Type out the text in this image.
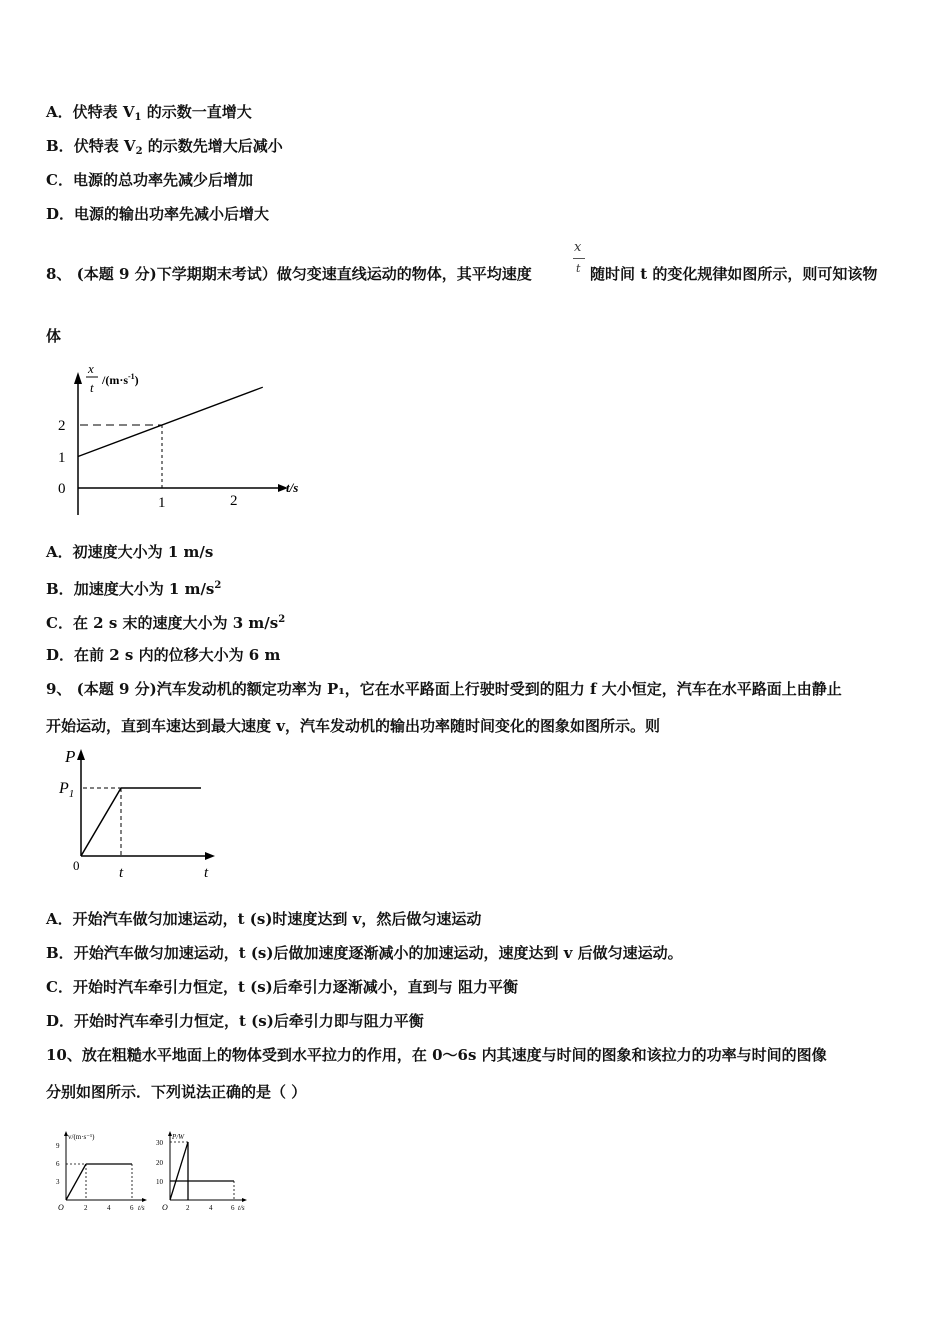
A．伏特表 $V_1$ 的示数一直增大
B．伏特表 $V_2$ 的示数先增大后减小
C．电源的总功率先减少后增加
D．电源的输出功率先减小后增大
8、 (本题 9 分)下学期期末考试）做匀变速直线运动的物体，其平均速度
x
t 随时间 t 的变化规律如图所示，则可知该物
体
x
t $/(m\cdot s^{-1})$
2
1
0
1	2
t/s
A．初速度大小为 1 m/s
B．加速度大小为 1 $m/s^2$
C．在 2 s 末的速度大小为 3 $m/s^2$
D．在前 2 s 内的位移大小为 6 m
9、 (本题 9 分)汽车发动机的额定功率为 P₁，它在水平路面上行驶时受到的阻力 f 大小恒定，汽车在水平路面上由静止
开始运动，直到车速达到最大速度 v，汽车发动机的输出功率随时间变化的图象如图所示。则
P
$P_1$
0	t	t
A．开始汽车做匀加速运动，t (s)时速度达到 v，然后做匀速运动
B．开始汽车做匀加速运动，t (s)后做加速度逐渐减小的加速运动，速度达到 v 后做匀速运动。
C．开始时汽车牵引力恒定，t (s)后牵引力逐渐减小，直到与 阻力平衡
D．开始时汽车牵引力恒定，t (s)后牵引力即与阻力平衡
10、放在粗糙水平地面上的物体受到水平拉力的作用，在 0～6s 内其速度与时间的图象和该拉力的功率与时间的图像
分别如图所示．下列说法正确的是（ ）
v/(m·s⁻¹)
9
6
3
O	2	4	6 t/s
P/W
30
20
10
O	2	4	6 t/s
